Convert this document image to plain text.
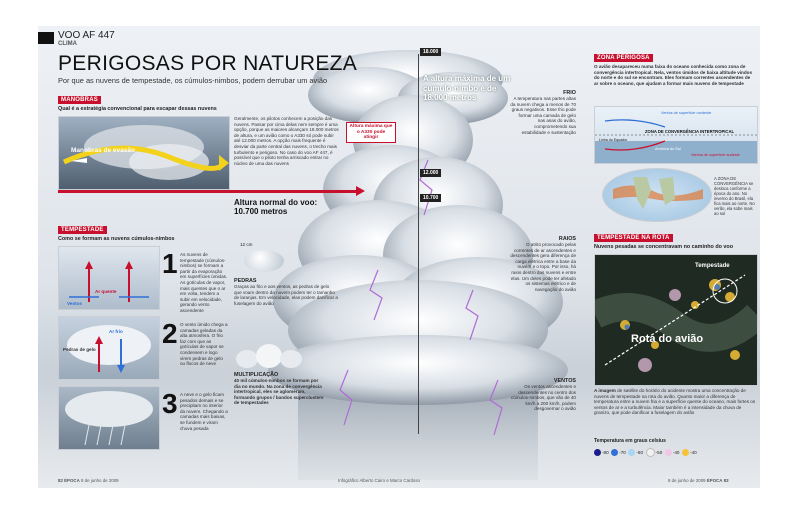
VOO AF 447
CLIMA
PERIGOSAS POR NATUREZA
Por que as nuvens de tempestade, os cúmulos-nimbos, podem derrubar um avião
MANOBRAS
Qual é a estratégia convencional para escapar dessas nuvens
Manobras de evasão
Geralmente, os pilotos conhecem a posição das nuvens. Passar por cima delas nem sempre é uma opção, porque as maiores alcançam 18.000 metros de altura, e um avião como o A330 só pode subir até 12.000 metros. A opção mais frequente é desviar da parte central das nuvens, o trecho mais turbulento e perigoso. No caso do voo AF 447, é possível que o piloto tenha arriscado entrar no núcleo de uma das nuvens
Altura máxima que o A330 pode atingir
Altura normal do voo: 10.700 metros
18.000
12.000
10.700
A altura máxima de um cúmulo-nimbo é de 18.000 metros	FRIO
A temperatura nas partes altas da nuvem chega a menos de 70 graus negativos. Esse frio pode formar uma camada de gelo nas asas do avião, comprometendo sua estabilidade e sustentação
RAIOS
O atrito provocado pelas correntes de ar ascendentes e descendentes gera diferença de carga elétrica entre a base da nuvem e o topo. Por isso, há raios dentro das nuvens e entre elas. Um deles pode ter afetado os sistemas elétrico e de navegação do avião
VENTOS
Os ventos ascendentes e descendentes no centro dos cúmulos-nimbos, que vão de 40 km/h a 200 km/h, podem desgovernar o avião
12 cm
PEDRAS
Graças ao frio e aos ventos, as pedras de gelo que voam dentro da nuvem podem ter o tamanho de laranjas. Em velocidade, elas podem danificar a fuselagem do avião
MULTIPLICAÇÃO
40 mil cúmulos-nimbos se formam por dia no mundo. Na zona de convergência intertropical, eles se aglomeram, formando grupos / bandos superclusters de tempestades
TEMPESTADE
Como se formam as nuvens cúmulos-nimbos
Ar quente
Ventos
1 As nuvens de tempestade (cúmulos-nimbos) se formam a partir da evaporação em superfícies úmidas. As gotículas de vapor, mais quentes que o ar em volta, tendem a subir em velocidade, gerando vento ascendente
Ar frio
Pedras de gelo
2 O vento úmido chega a camadas geladas da alta atmosfera. O frio faz com que as gotículas de vapor se condensem e logo virem pedras de gelo ou flocos de neve
3 A neve e o gelo ficam pesados demais e se precipitam no interior da nuvem. Chegando a camadas mais baixas, se fundem e viram chuva pesada
ZONA PERIGOSA
O avião desapareceu numa faixa do oceano conhecida como zona de convergência intertropical. Nela, ventos úmidos de baixa altitude vindos do norte e do sul se encontram. Eles formam correntes ascendentes de ar sobre o oceano, que ajudam a formar mais nuvens de tempestade
Ventos de superfície nordeste
ZONA DE CONVERGÊNCIA INTERTROPICAL
Linha do Equador
América do Sul
Ventos de superfície sudeste
A ZONA DE CONVERGÊNCIA se desloca conforme a época do ano. No inverno do Brasil, ela fica mais ao norte. No verão, ela sobe mais ao sul
TEMPESTADE NA ROTA
Nuvens pesadas se concentravam no caminho do voo
Tempestade
Rota do avião
A imagem de satélite do horário do acidente mostra uma concentração de nuvens de tempestade na rota do avião. Quanto maior a diferença de temperatura entre a nuvem fria e a superfície quente do oceano, mais fortes os ventos de ar e a turbulência. Maior também é a intensidade da chuva de granizo, que pode danificar a fuselagem do avião
Temperatura em graus celsius
-80 -70 -60	-50 -40 -40
82 ÉPOCA 8 de junho de 2009	Infográfico Alberto Cairo e Marco Cardoso	8 de junho de 2009 ÉPOCA 83
